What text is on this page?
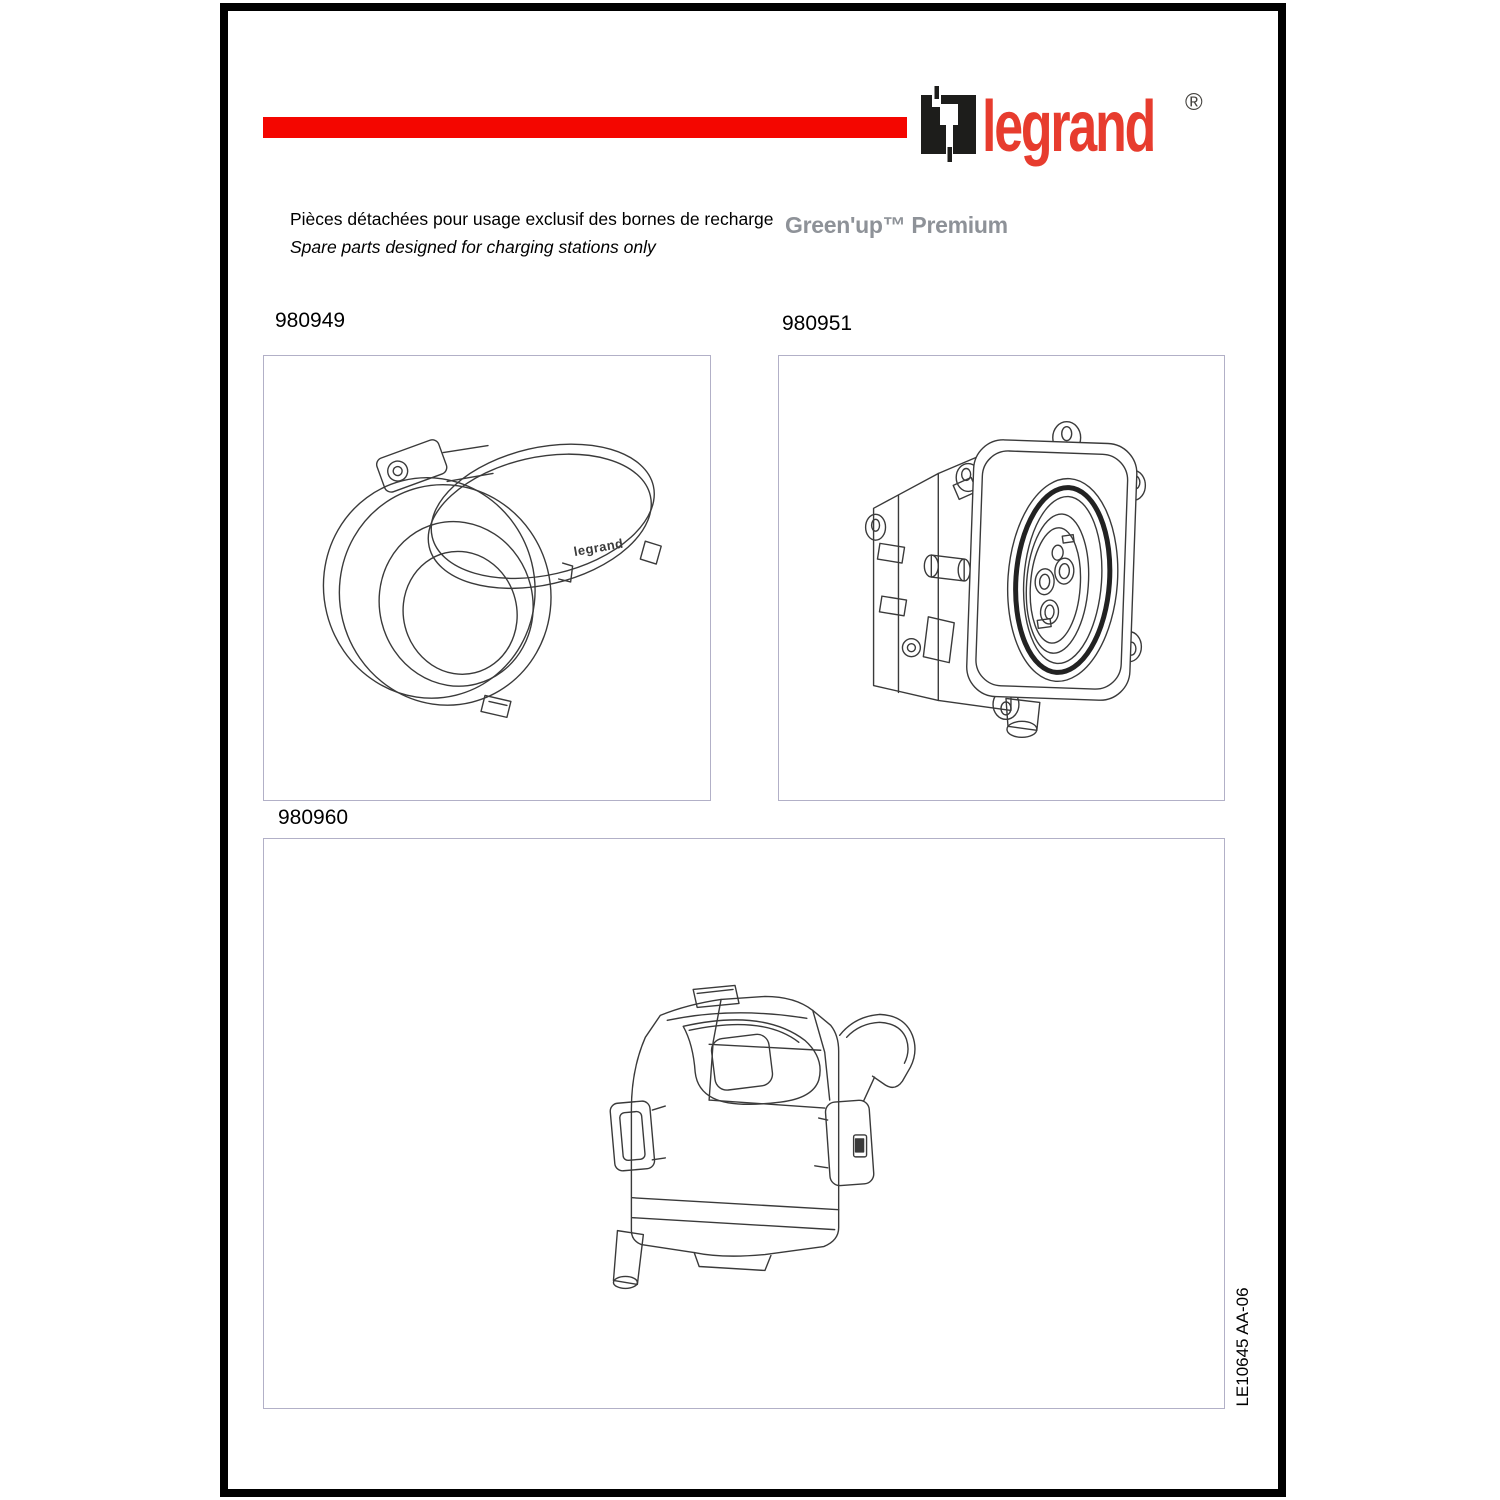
legrand ®
Pièces détachées pour usage exclusif des bornes de recharge
Spare parts designed for charging stations only
Green'up™ Premium
980949
legrand
980951
980960
LE10645 AA-06
